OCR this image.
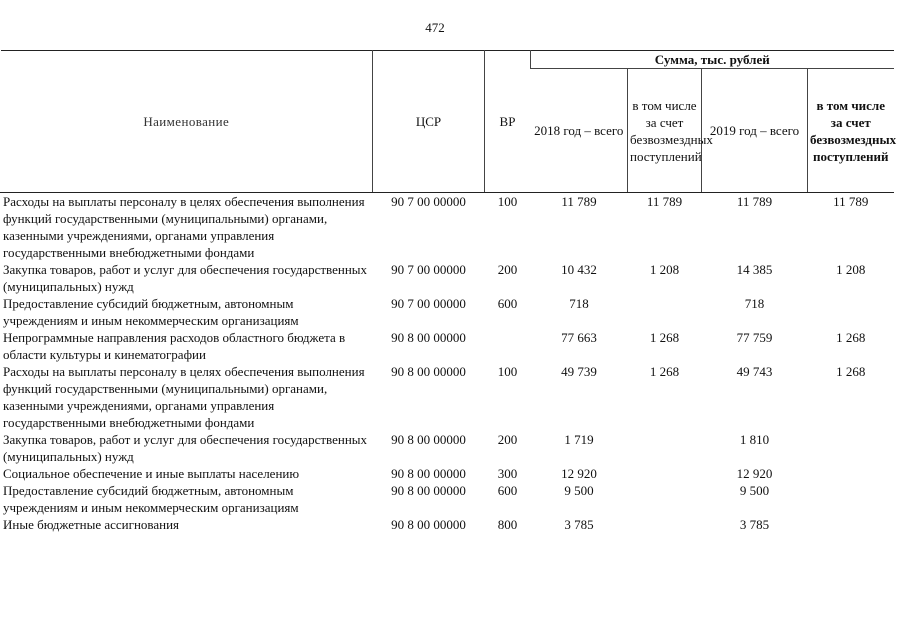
472
Наименование	ЦСР	ВР	Сумма, тыс. рублей			
			2018 год – всего	в том числе за счет безвозмездных поступлений	2019 год – всего	в том числе за счет безвозмездных поступлений
Расходы на выплаты персоналу в целях обеспечения выполнения функций государственными (муниципальными) органами, казенными учреждениями, органами управления государственными внебюджетными фондами	90 7 00 00000	100	11 789	11 789	11 789	11 789
Закупка товаров, работ и услуг для обеспечения государственных (муниципальных) нужд	90 7 00 00000	200	10 432	1 208	14 385	1 208
Предоставление субсидий бюджетным, автономным учреждениям и иным некоммерческим организациям	90 7 00 00000	600	718		718	
Непрограммные направления расходов областного бюджета в области культуры и кинематографии	90 8 00 00000		77 663	1 268	77 759	1 268
Расходы на выплаты персоналу в целях обеспечения выполнения функций государственными (муниципальными) органами, казенными учреждениями, органами управления государственными внебюджетными фондами	90 8 00 00000	100	49 739	1 268	49 743	1 268
Закупка товаров, работ и услуг для обеспечения государственных (муниципальных) нужд	90 8 00 00000	200	1 719		1 810	
Социальное обеспечение и иные выплаты населению	90 8 00 00000	300	12 920		12 920	
Предоставление субсидий бюджетным, автономным учреждениям и иным некоммерческим организациям	90 8 00 00000	600	9 500		9 500	
Иные бюджетные ассигнования	90 8 00 00000	800	3 785		3 785	
